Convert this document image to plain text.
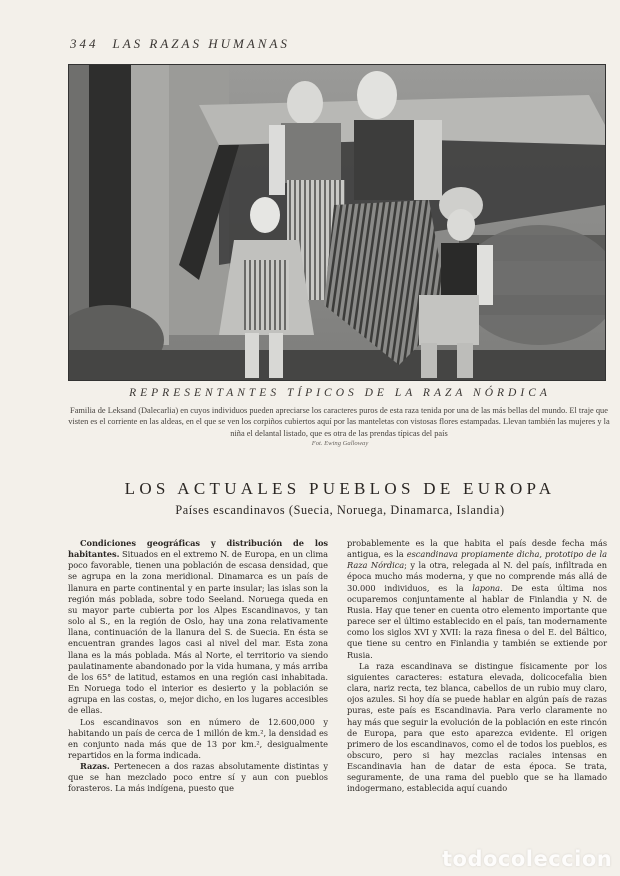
344 LAS RAZAS HUMANAS
REPRESENTANTES TÍPICOS DE LA RAZA NÓRDICA
Familia de Leksand (Dalecarlia) en cuyos individuos pueden apreciarse los caracteres puros de esta raza tenida por una de las más bellas del mundo. El traje que visten es el corriente en las aldeas, en el que se ven los corpiños cubiertos aquí por las manteletas con vistosas flores estampadas. Llevan también las mujeres y la niña el delantal listado, que es otra de las prendas típicas del país
Fot. Ewing Galloway
LOS ACTUALES PUEBLOS DE EUROPA
Países escandinavos (Suecia, Noruega, Dinamarca, Islandia)

Condiciones geográficas y distribución de los habitantes. Situados en el extremo N. de Europa, en un clima poco favorable, tienen una población de escasa densidad, que se agrupa en la zona meridional. Dinamarca es un país de llanura en parte continental y en parte insular; las islas son la región más poblada, sobre todo Seeland. Noruega queda en su mayor parte cubierta por los Alpes Escandinavos, y tan solo al S., en la región de Oslo, hay una zona relativamente llana, continuación de la llanura del S. de Suecia. En ésta se encuentran grandes lagos casi al nivel del mar. Esta zona llana es la más poblada. Más al Norte, el territorio va siendo paulatinamente abandonado por la vida humana, y más arriba de los 65° de latitud, estamos en una región casi inhabitada. En Noruega todo el interior es desierto y la población se agrupa en las costas, o, mejor dicho, en los lugares accesibles de ellas.

Los escandinavos son en número de 12.600,000 y habitando un país de cerca de 1 millón de km.², la densidad es en conjunto nada más que de 13 por km.², desigualmente repartidos en la forma indicada.

Razas. Pertenecen a dos razas absolutamente distintas y que se han mezclado poco entre sí y aun con pueblos forasteros. La más indígena, puesto que

probablemente es la que habita el país desde fecha más antigua, es la escandinava propiamente dicha, prototipo de la Raza Nórdica; y la otra, relegada al N. del país, infiltrada en época mucho más moderna, y que no comprende más allá de 30.000 individuos, es la lapona. De esta última nos ocuparemos conjuntamente al hablar de Finlandia y N. de Rusia. Hay que tener en cuenta otro elemento importante que parece ser el último establecido en el país, tan modernamente como los siglos XVI y XVII: la raza finesa o del E. del Báltico, que tiene su centro en Finlandia y también se extiende por Rusia.

La raza escandinava se distingue físicamente por los siguientes caracteres: estatura elevada, dolicocefalia bien clara, nariz recta, tez blanca, cabellos de un rubio muy claro, ojos azules. Si hoy día se puede hablar en algún país de razas puras, este país es Escandinavia. Para verlo claramente no hay más que seguir la evolución de la población en este rincón de Europa, para que esto aparezca evidente. El origen primero de los escandinavos, como el de todos los pueblos, es obscuro, pero si hay mezclas raciales intensas en Escandinavia han de datar de esta época. Se trata, seguramente, de una rama del pueblo que se ha llamado indogermano, establecida aquí cuando

todocoleccion
